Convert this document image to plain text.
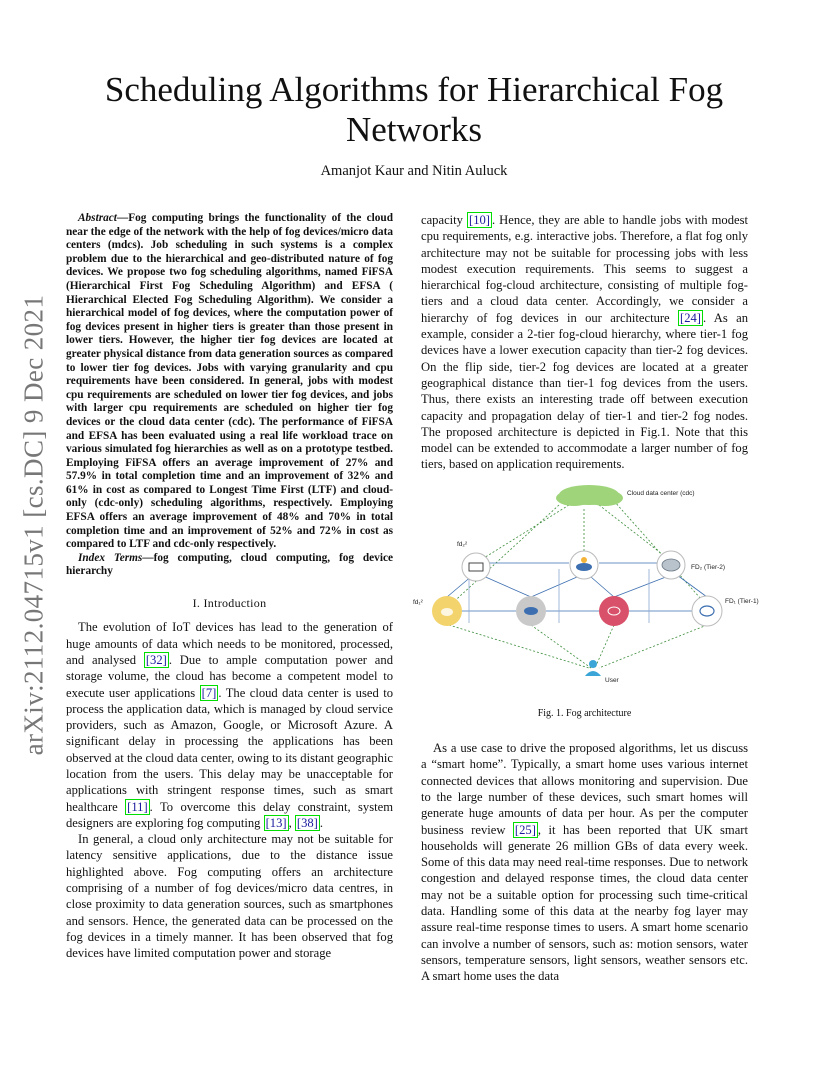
arXiv:2112.04715v1 [cs.DC] 9 Dec 2021
Scheduling Algorithms for Hierarchical Fog Networks
Amanjot Kaur and Nitin Auluck

Abstract—Fog computing brings the functionality of the cloud near the edge of the network with the help of fog devices/micro data centers (mdcs). Job scheduling in such systems is a complex problem due to the hierarchical and geo-distributed nature of fog devices. We propose two fog scheduling algorithms, named FiFSA (Hierarchical First Fog Scheduling Algorithm) and EFSA ( Hierarchical Elected Fog Scheduling Algorithm). We consider a hierarchical model of fog devices, where the computation power of fog devices present in higher tiers is greater than those present in lower tiers. However, the higher tier fog devices are located at greater physical distance from data generation sources as compared to lower tier fog devices. Jobs with varying granularity and cpu requirements have been considered. In general, jobs with modest cpu requirements are scheduled on lower tier fog devices, and jobs with larger cpu requirements are scheduled on higher tier fog devices or the cloud data center (cdc). The performance of FiFSA and EFSA has been evaluated using a real life workload trace on various simulated fog hierarchies as well as on a prototype testbed. Employing FiFSA offers an average improvement of 27% and 57.9% in total completion time and an improvement of 32% and 61% in cost as compared to Longest Time First (LTF) and cloud-only (cdc-only) scheduling algorithms, respectively. Employing EFSA offers an average improvement of 48% and 70% in total completion time and an improvement of 52% and 72% in cost as compared to LTF and cdc-only respectively.

Index Terms—fog computing, cloud computing, fog device hierarchy

I. Introduction

The evolution of IoT devices has lead to the generation of huge amounts of data which needs to be monitored, processed, and analysed [32] . Due to ample computation power and storage volume, the cloud has become a competent model to execute user applications [7] . The cloud data center is used to process the application data, which is managed by cloud service providers, such as Amazon, Google, or Microsoft Azure. A significant delay in processing the applications has been observed at the cloud data center, owing to its distant geographic location from the users. This delay may be unacceptable for applications with stringent response times, such as smart healthcare [11] . To overcome this delay constraint, system designers are exploring fog computing [13] , [38] .

In general, a cloud only architecture may not be suitable for latency sensitive applications, due to the distance issue highlighted above. Fog computing offers an architecture comprising of a number of fog devices/micro data centres, in close proximity to data generation sources, such as smartphones and sensors. Hence, the generated data can be processed on the fog devices in a timely manner. It has been observed that fog devices have limited computation power and storage

capacity [10] . Hence, they are able to handle jobs with modest cpu requirements, e.g. interactive jobs. Therefore, a flat fog only architecture may not be suitable for processing jobs with less modest execution requirements. This seems to suggest a hierarchical fog-cloud architecture, consisting of multiple fog-tiers and a cloud data center. Accordingly, we consider a hierarchy of fog devices in our architecture [24] . As an example, consider a 2-tier fog-cloud hierarchy, where tier-1 fog devices have a lower execution capacity than tier-2 fog devices. On the flip side, tier-2 fog devices are located at a greater geographical distance than tier-1 fog devices from the users. Thus, there exists an interesting trade off between execution capacity and propagation delay of tier-1 and tier-2 fog nodes. The proposed architecture is depicted in Fig.1. Note that this model can be extended to accommodate a larger number of fog tiers, based on application requirements.

Cloud data center (cdc)
fd₂²
FD₂ (Tier-2)
fd₁²	FD₁ (Tier-1)
User
Fig. 1. Fog architecture

As a use case to drive the proposed algorithms, let us discuss a “smart home”. Typically, a smart home uses various internet connected devices that allows monitoring and supervision. Due to the large number of these devices, such smart homes will generate huge amounts of data per hour. As per the computer business review [25] , it has been reported that UK smart households will generate 26 million GBs of data every week. Some of this data may need real-time responses. Due to network congestion and delayed response times, the cloud data center may not be a suitable option for processing such time-critical data. Handling some of this data at the nearby fog layer may assure real-time response times to users. A smart home scenario can involve a number of sensors, such as: motion sensors, water sensors, temperature sensors, light sensors, weather sensors etc. A smart home uses the data
